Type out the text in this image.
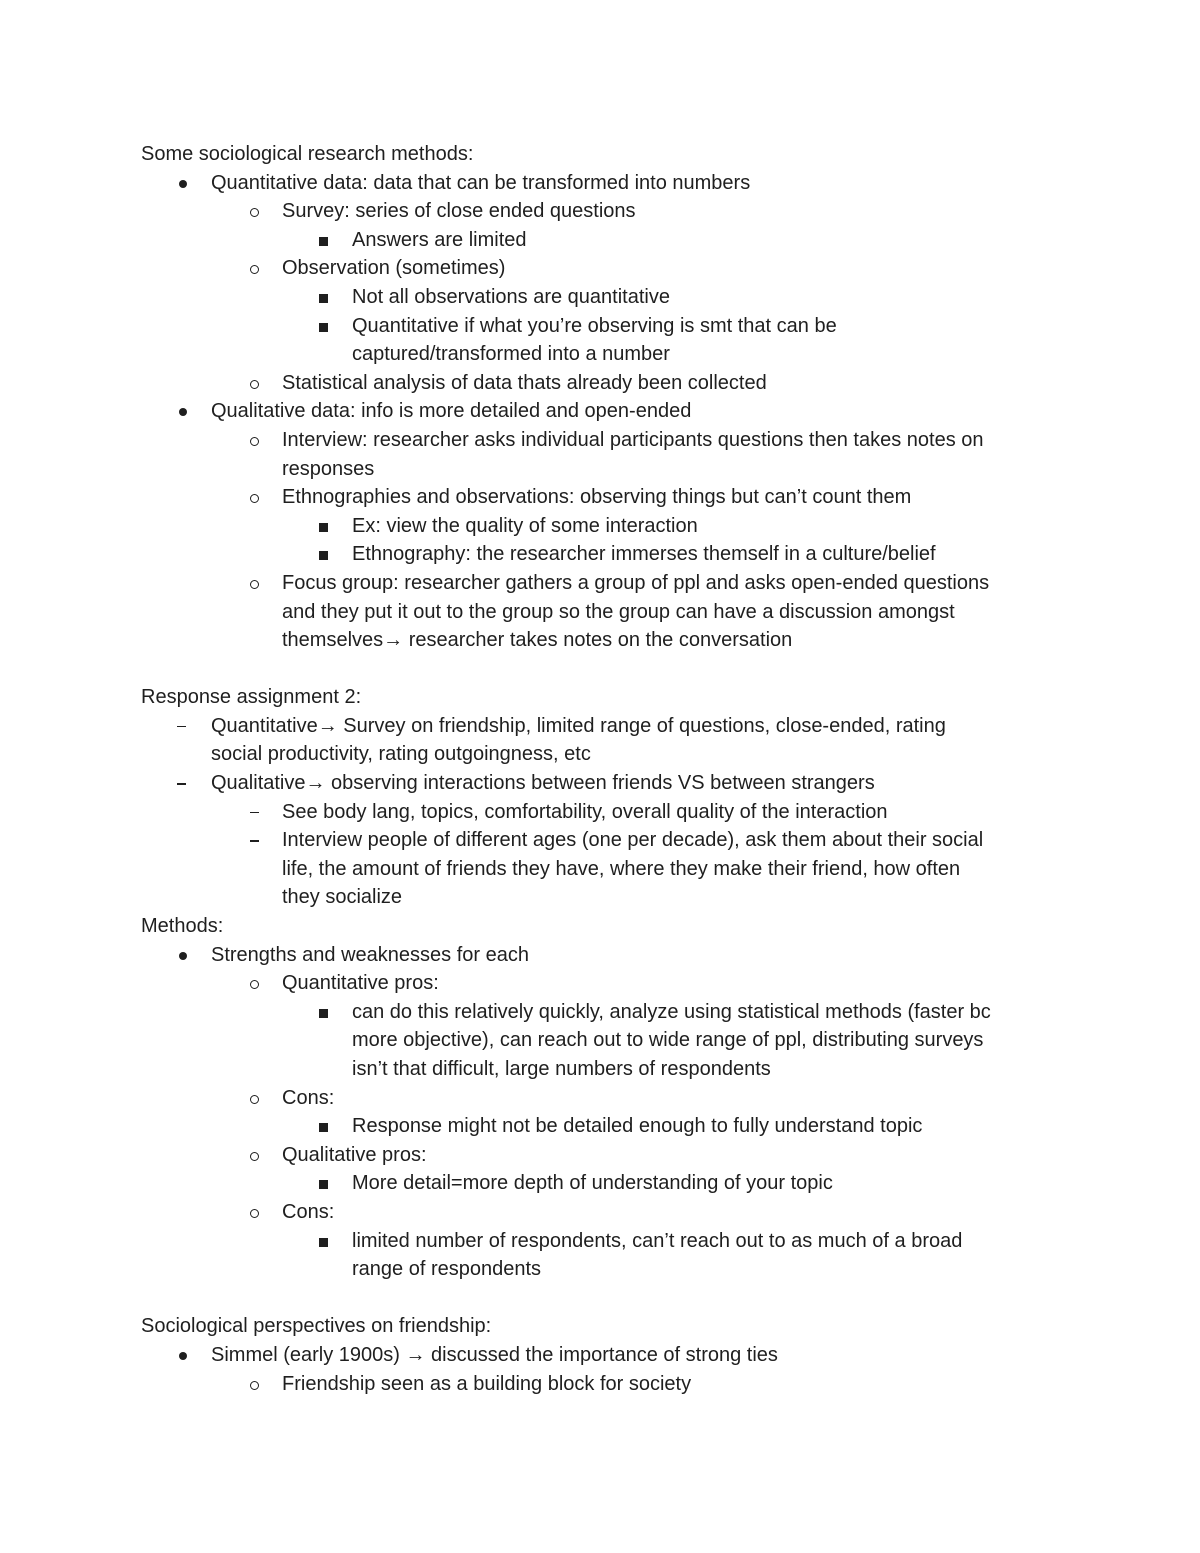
Some sociological research methods:
Quantitative data: data that can be transformed into numbers
Survey: series of close ended questions
Answers are limited
Observation (sometimes)
Not all observations are quantitative
Quantitative if what you’re observing is smt that can be
captured/transformed into a number
Statistical analysis of data thats already been collected
Qualitative data: info is more detailed and open-ended
Interview: researcher asks individual participants questions then takes notes on
responses
Ethnographies and observations: observing things but can’t count them
Ex: view the quality of some interaction
Ethnography: the researcher immerses themself in a culture/belief
Focus group: researcher gathers a group of ppl and asks open-ended questions
and they put it out to the group so the group can have a discussion amongst
themselves→ researcher takes notes on the conversation
Response assignment 2:
Quantitative→ Survey on friendship, limited range of questions, close-ended, rating
social productivity, rating outgoingness, etc
Qualitative→ observing interactions between friends VS between strangers
See body lang, topics, comfortability, overall quality of the interaction
Interview people of different ages (one per decade), ask them about their social
life, the amount of friends they have, where they make their friend, how often
they socialize
Methods:
Strengths and weaknesses for each
Quantitative pros:
can do this relatively quickly, analyze using statistical methods (faster bc
more objective), can reach out to wide range of ppl, distributing surveys
isn’t that difficult, large numbers of respondents
Cons:
Response might not be detailed enough to fully understand topic
Qualitative pros:
More detail=more depth of understanding of your topic
Cons:
limited number of respondents, can’t reach out to as much of a broad
range of respondents
Sociological perspectives on friendship:
Simmel (early 1900s) → discussed the importance of strong ties
Friendship seen as a building block for society
